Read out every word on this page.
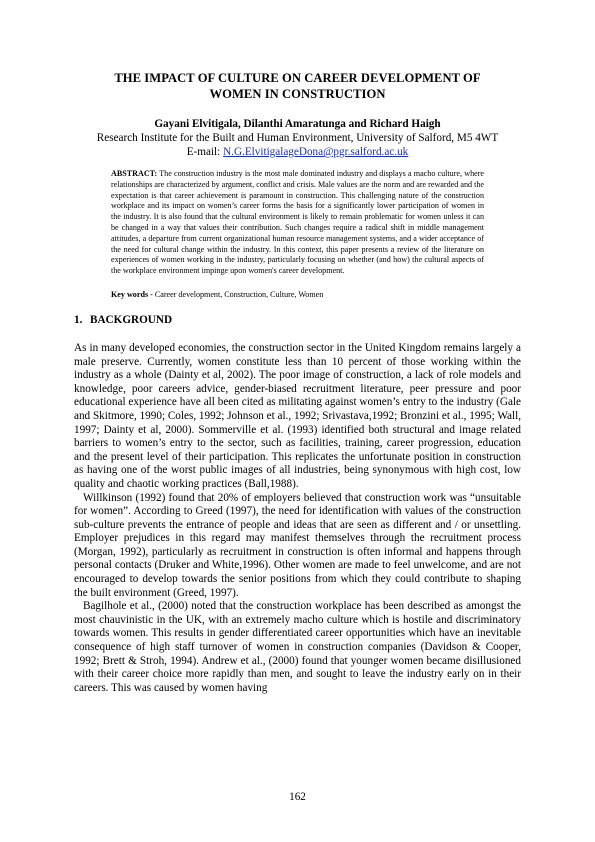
THE IMPACT OF CULTURE ON CAREER DEVELOPMENT OF
WOMEN IN CONSTRUCTION
Gayani Elvitigala, Dilanthi Amaratunga and Richard Haigh
Research Institute for the Built and Human Environment, University of Salford, M5 4WT
E-mail: N.G.ElvitigalageDona@pgr.salford.ac.uk
ABSTRACT: The construction industry is the most male dominated industry and displays a macho culture, where relationships are characterized by argument, conflict and crisis. Male values are the norm and are rewarded and the expectation is that career achievement is paramount in construction. This challenging nature of the construction workplace and its impact on women’s career forms the basis for a significantly lower participation of women in the industry. It is also found that the cultural environment is likely to remain problematic for women unless it can be changed in a way that values their contribution. Such changes require a radical shift in middle management attitudes, a departure from current organizational human resource management systems, and a wider acceptance of the need for cultural change within the industry. In this context, this paper presents a review of the literature on experiences of women working in the industry, particularly focusing on whether (and how) the cultural aspects of the workplace environment impinge upon women's career development.
Key words - Career development, Construction, Culture, Women
1. BACKGROUND

As in many developed economies, the construction sector in the United Kingdom remains largely a male preserve. Currently, women constitute less than 10 percent of those working within the industry as a whole (Dainty et al, 2002). The poor image of construction, a lack of role models and knowledge, poor careers advice, gender-biased recruitment literature, peer pressure and poor educational experience have all been cited as militating against women’s entry to the industry (Gale and Skitmore, 1990; Coles, 1992; Johnson et al., 1992; Srivastava,1992; Bronzini et al., 1995; Wall, 1997; Dainty et al, 2000). Sommerville et al. (1993) identified both structural and image related barriers to women’s entry to the sector, such as facilities, training, career progression, education and the present level of their participation. This replicates the unfortunate position in construction as having one of the worst public images of all industries, being synonymous with high cost, low quality and chaotic working practices (Ball,1988).

Willkinson (1992) found that 20% of employers believed that construction work was “unsuitable for women”. According to Greed (1997), the need for identification with values of the construction sub-culture prevents the entrance of people and ideas that are seen as different and / or unsettling. Employer prejudices in this regard may manifest themselves through the recruitment process (Morgan, 1992), particularly as recruitment in construction is often informal and happens through personal contacts (Druker and White,1996). Other women are made to feel unwelcome, and are not encouraged to develop towards the senior positions from which they could contribute to shaping the built environment (Greed, 1997).

Bagilhole et al., (2000) noted that the construction workplace has been described as amongst the most chauvinistic in the UK, with an extremely macho culture which is hostile and discriminatory towards women. This results in gender differentiated career opportunities which have an inevitable consequence of high staff turnover of women in construction companies (Davidson & Cooper, 1992; Brett & Stroh, 1994). Andrew et al., (2000) found that younger women became disillusioned with their career choice more rapidly than men, and sought to leave the industry early on in their careers. This was caused by women having

162
